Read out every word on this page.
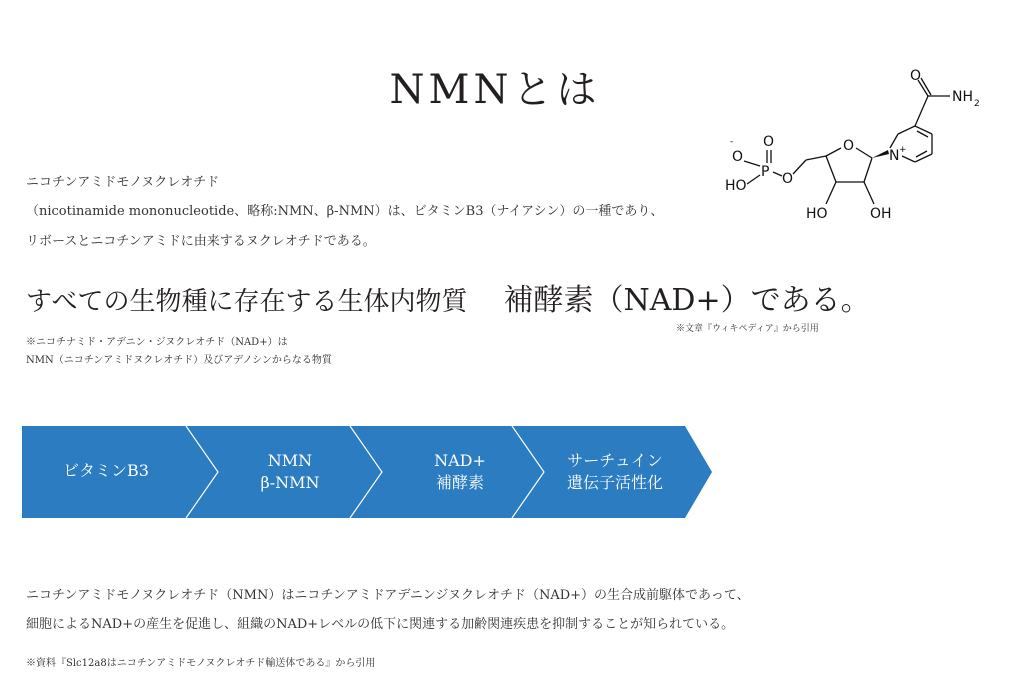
NMNとは
ニコチンアミドモノヌクレオチド
（nicotinamide mononucleotide、略称:NMN、β-NMN）は、ビタミンB3（ナイアシン）の一種であり、
リボースとニコチンアミドに由来するヌクレオチドである。
-
O
P
O
HO	O
O
N +
O
NH 2
HO	OH
すべての生物種に存在する生体内物質 補酵素（NAD+）である。
※文章『ウィキペディア』から引用
※ニコチナミド・アデニン・ジヌクレオチド（NAD+）は
NMN（ニコチンアミドヌクレオチド）及びアデノシンからなる物質
ビタミンB3
NMN
β-NMN
NAD+
補酵素
サーチュイン
遺伝子活性化
ニコチンアミドモノヌクレオチド（NMN）はニコチンアミドアデニンジヌクレオチド（NAD+）の生合成前駆体であって、
細胞によるNAD+の産生を促進し、組織のNAD+レベルの低下に関連する加齢関連疾患を抑制することが知られている。
※資料『Slc12a8はニコチンアミドモノヌクレオチド輸送体である』から引用
